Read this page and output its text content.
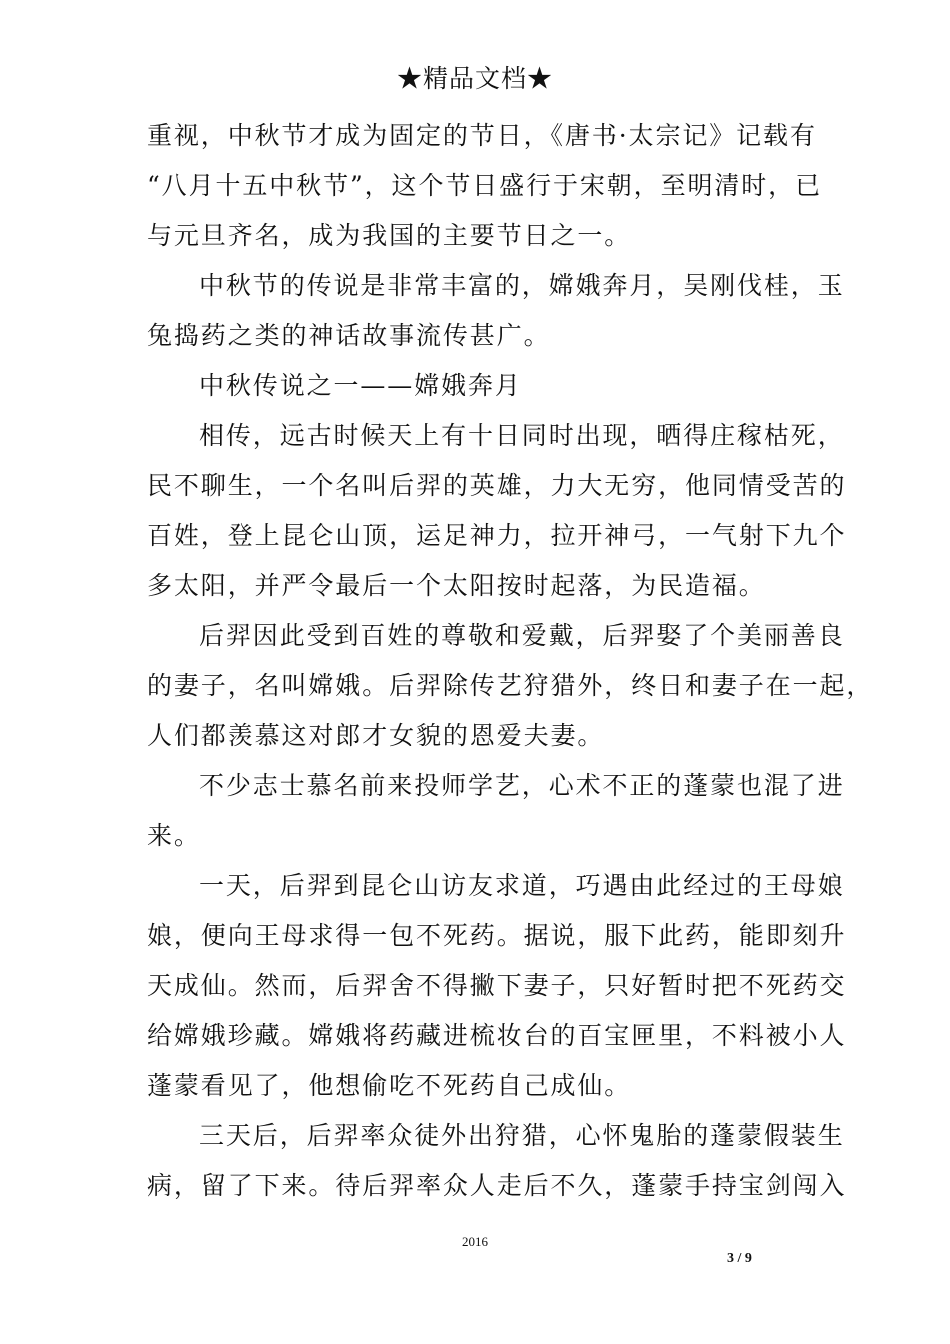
★精品文档★
重视，中秋节才成为固定的节日，《唐书·太宗记》记载有
“八月十五中秋节”，这个节日盛行于宋朝，至明清时，已
与元旦齐名，成为我国的主要节日之一。
中秋节的传说是非常丰富的，嫦娥奔月，吴刚伐桂，玉
兔捣药之类的神话故事流传甚广。
中秋传说之一——嫦娥奔月
相传，远古时候天上有十日同时出现，晒得庄稼枯死，
民不聊生，一个名叫后羿的英雄，力大无穷，他同情受苦的
百姓，登上昆仑山顶，运足神力，拉开神弓，一气射下九个
多太阳，并严令最后一个太阳按时起落，为民造福。
后羿因此受到百姓的尊敬和爱戴，后羿娶了个美丽善良
的妻子，名叫嫦娥。后羿除传艺狩猎外，终日和妻子在一起，
人们都羡慕这对郎才女貌的恩爱夫妻。
不少志士慕名前来投师学艺，心术不正的蓬蒙也混了进
来。
一天，后羿到昆仑山访友求道，巧遇由此经过的王母娘
娘，便向王母求得一包不死药。据说，服下此药，能即刻升
天成仙。然而，后羿舍不得撇下妻子，只好暂时把不死药交
给嫦娥珍藏。嫦娥将药藏进梳妆台的百宝匣里，不料被小人
蓬蒙看见了，他想偷吃不死药自己成仙。
三天后，后羿率众徒外出狩猎，心怀鬼胎的蓬蒙假装生
病，留了下来。待后羿率众人走后不久，蓬蒙手持宝剑闯入
2016
3 / 9
